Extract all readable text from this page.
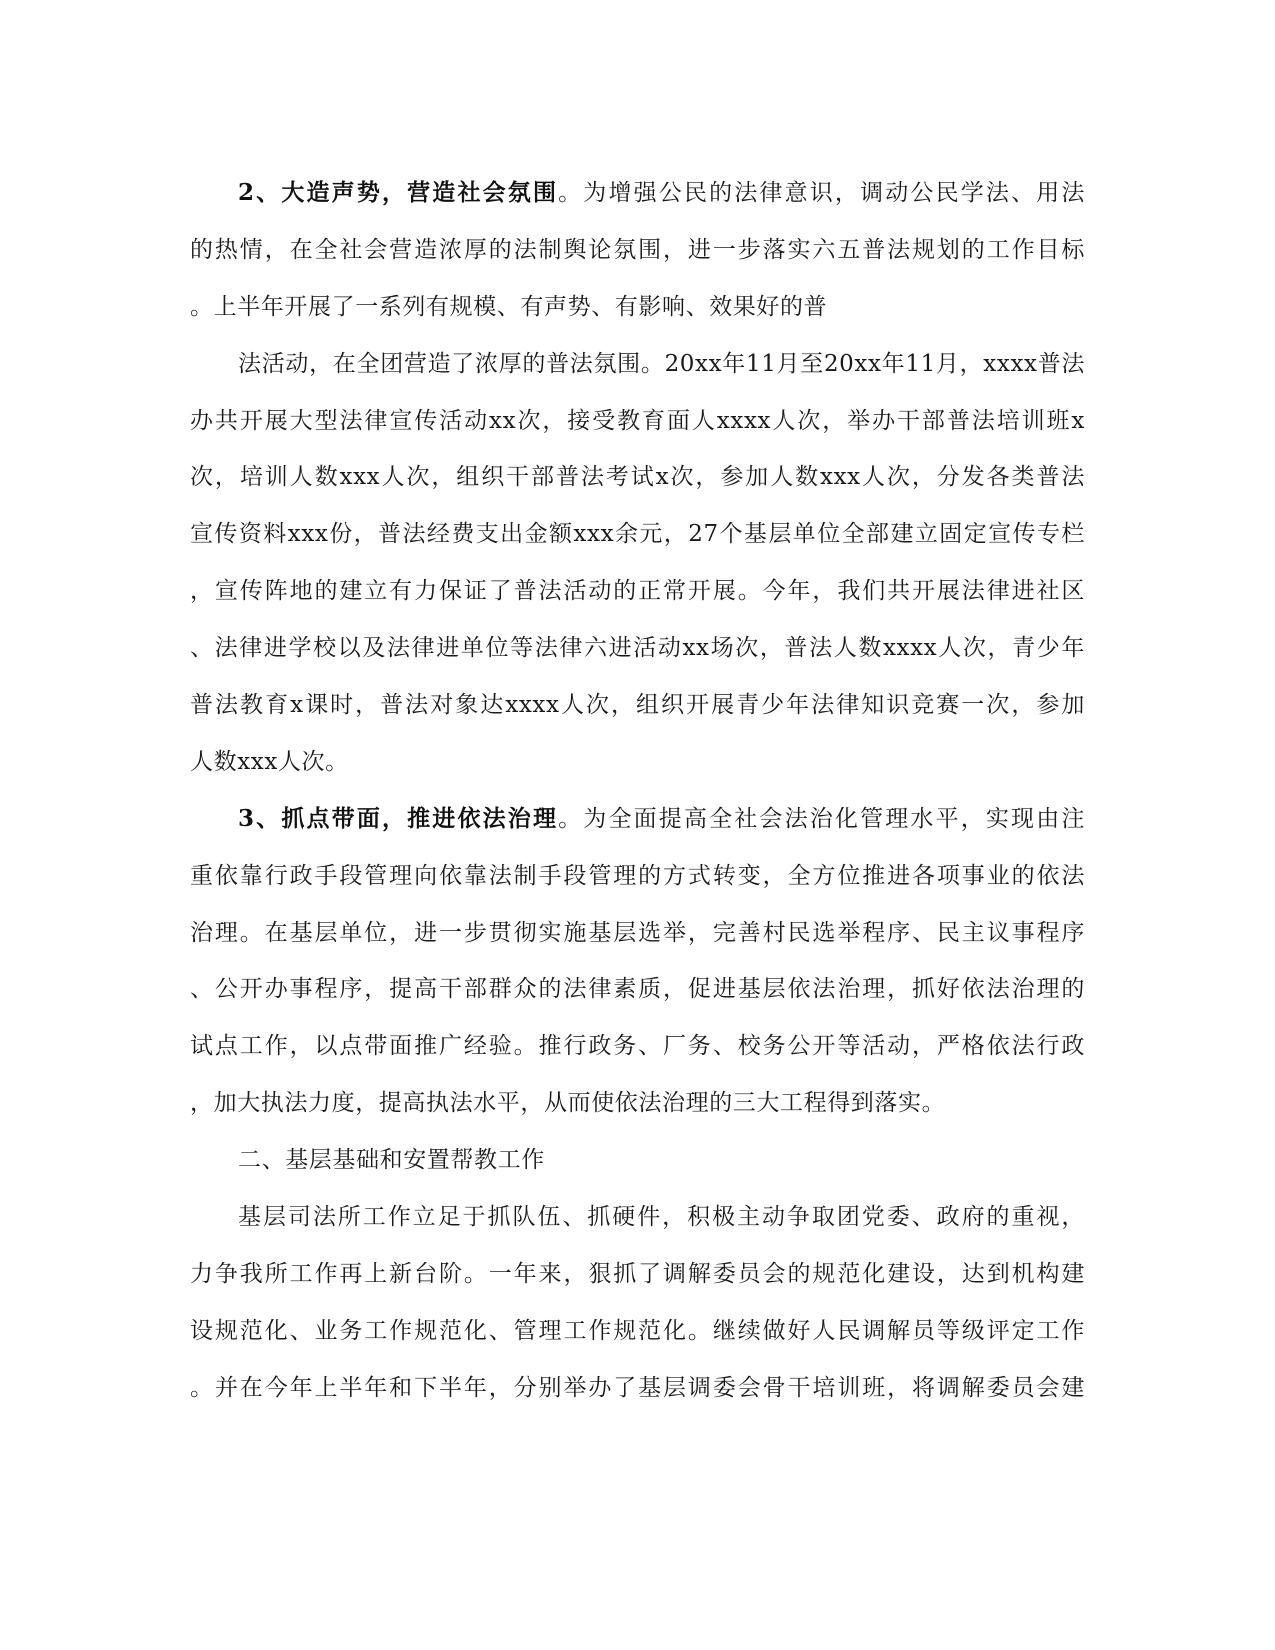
2、大造声势，营造社会氛围。为增强公民的法律意识，调动公民学法、用法
的热情，在全社会营造浓厚的法制舆论氛围，进一步落实六五普法规划的工作目标
。上半年开展了一系列有规模、有声势、有影响、效果好的普
法活动，在全团营造了浓厚的普法氛围。20xx年11月至20xx年11月，xxxx普法
办共开展大型法律宣传活动xx次，接受教育面人xxxx人次，举办干部普法培训班x
次，培训人数xxx人次，组织干部普法考试x次，参加人数xxx人次，分发各类普法
宣传资料xxx份，普法经费支出金额xxx余元，27个基层单位全部建立固定宣传专栏
，宣传阵地的建立有力保证了普法活动的正常开展。今年，我们共开展法律进社区
、法律进学校以及法律进单位等法律六进活动xx场次，普法人数xxxx人次，青少年
普法教育x课时，普法对象达xxxx人次，组织开展青少年法律知识竞赛一次，参加
人数xxx人次。
3、抓点带面，推进依法治理。为全面提高全社会法治化管理水平，实现由注
重依靠行政手段管理向依靠法制手段管理的方式转变，全方位推进各项事业的依法
治理。在基层单位，进一步贯彻实施基层选举，完善村民选举程序、民主议事程序
、公开办事程序，提高干部群众的法律素质，促进基层依法治理，抓好依法治理的
试点工作，以点带面推广经验。推行政务、厂务、校务公开等活动，严格依法行政
，加大执法力度，提高执法水平，从而使依法治理的三大工程得到落实。
二、基层基础和安置帮教工作
基层司法所工作立足于抓队伍、抓硬件，积极主动争取团党委、政府的重视，
力争我所工作再上新台阶。一年来，狠抓了调解委员会的规范化建设，达到机构建
设规范化、业务工作规范化、管理工作规范化。继续做好人民调解员等级评定工作
。并在今年上半年和下半年，分别举办了基层调委会骨干培训班，将调解委员会建
